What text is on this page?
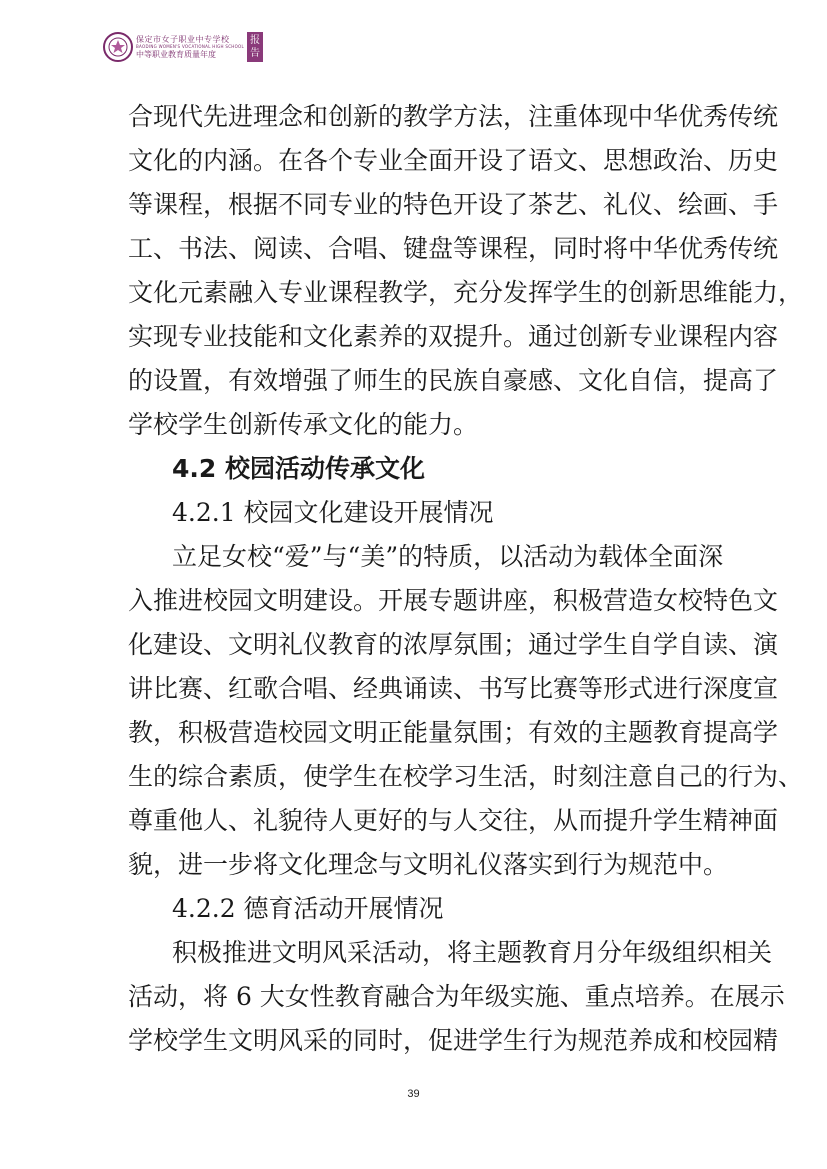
保定市女子职业中专学校
BAODING WOMEN'S VOCATIONAL HIGH SCHOOL
中等职业教育质量年度
报
告

合现代先进理念和创新的教学方法，注重体现中华优秀传统

文化的内涵。在各个专业全面开设了语文、思想政治、历史

等课程，根据不同专业的特色开设了茶艺、礼仪、绘画、手

工、书法、阅读、合唱、键盘等课程，同时将中华优秀传统

文化元素融入专业课程教学，充分发挥学生的创新思维能力，

实现专业技能和文化素养的双提升。通过创新专业课程内容

的设置，有效增强了师生的民族自豪感、文化自信，提高了

学校学生创新传承文化的能力。

4.2 校园活动传承文化

4.2.1 校园文化建设开展情况

立足女校“爱”与“美”的特质，以活动为载体全面深

入推进校园文明建设。开展专题讲座，积极营造女校特色文

化建设、文明礼仪教育的浓厚氛围；通过学生自学自读、演

讲比赛、红歌合唱、经典诵读、书写比赛等形式进行深度宣

教，积极营造校园文明正能量氛围；有效的主题教育提高学

生的综合素质，使学生在校学习生活，时刻注意自己的行为、

尊重他人、礼貌待人更好的与人交往，从而提升学生精神面

貌，进一步将文化理念与文明礼仪落实到行为规范中。

4.2.2 德育活动开展情况

积极推进文明风采活动，将主题教育月分年级组织相关

活动，将 6 大女性教育融合为年级实施、重点培养。在展示

学校学生文明风采的同时，促进学生行为规范养成和校园精

39
